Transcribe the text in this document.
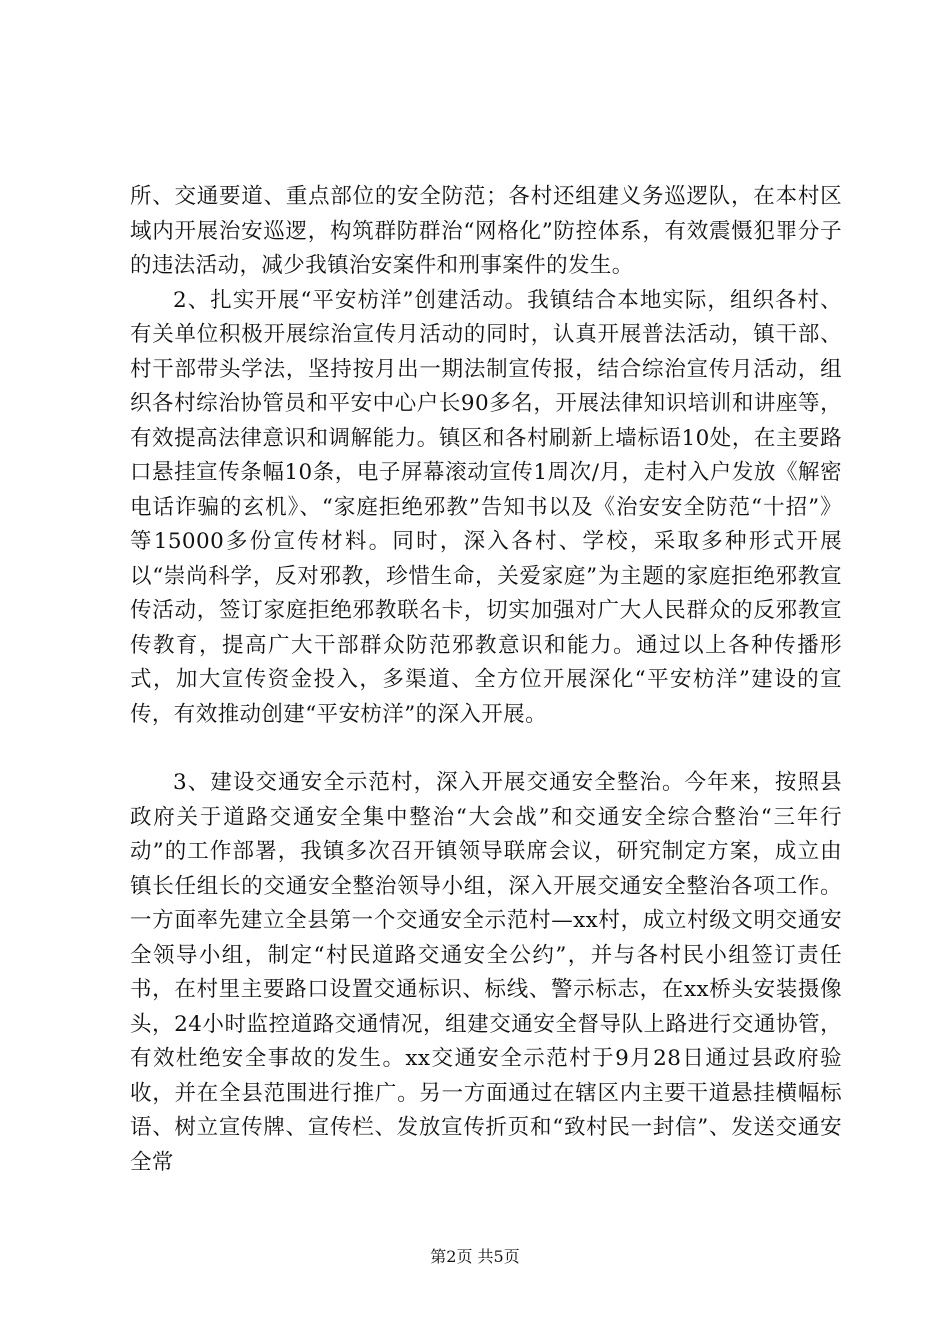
所、交通要道、重点部位的安全防范；各村还组建义务巡逻队，在本村区域内开展治安巡逻，构筑群防群治“网格化”防控体系，有效震慑犯罪分子的违法活动，减少我镇治安案件和刑事案件的发生。

2、扎实开展“平安枋洋”创建活动。我镇结合本地实际，组织各村、有关单位积极开展综治宣传月活动的同时，认真开展普法活动，镇干部、村干部带头学法，坚持按月出一期法制宣传报，结合综治宣传月活动，组织各村综治协管员和平安中心户长90多名，开展法律知识培训和讲座等，有效提高法律意识和调解能力。镇区和各村刷新上墙标语10处，在主要路口悬挂宣传条幅10条，电子屏幕滚动宣传1周次/月，走村入户发放《解密电话诈骗的玄机》、“家庭拒绝邪教”告知书以及《治安安全防范“十招”》等15000多份宣传材料。同时，深入各村、学校，采取多种形式开展以“崇尚科学，反对邪教，珍惜生命，关爱家庭”为主题的家庭拒绝邪教宣传活动，签订家庭拒绝邪教联名卡，切实加强对广大人民群众的反邪教宣传教育，提高广大干部群众防范邪教意识和能力。通过以上各种传播形式，加大宣传资金投入，多渠道、全方位开展深化“平安枋洋”建设的宣传，有效推动创建“平安枋洋”的深入开展。

3、建设交通安全示范村，深入开展交通安全整治。今年来，按照县政府关于道路交通安全集中整治“大会战”和交通安全综合整治“三年行动”的工作部署，我镇多次召开镇领导联席会议，研究制定方案，成立由镇长任组长的交通安全整治领导小组，深入开展交通安全整治各项工作。一方面率先建立全县第一个交通安全示范村—xx村，成立村级文明交通安全领导小组，制定“村民道路交通安全公约”，并与各村民小组签订责任书，在村里主要路口设置交通标识、标线、警示标志，在xx桥头安装摄像头，24小时监控道路交通情况，组建交通安全督导队上路进行交通协管，有效杜绝安全事故的发生。xx交通安全示范村于9月28日通过县政府验收，并在全县范围进行推广。另一方面通过在辖区内主要干道悬挂横幅标语、树立宣传牌、宣传栏、发放宣传折页和“致村民一封信”、发送交通安全常

第2页 共5页
